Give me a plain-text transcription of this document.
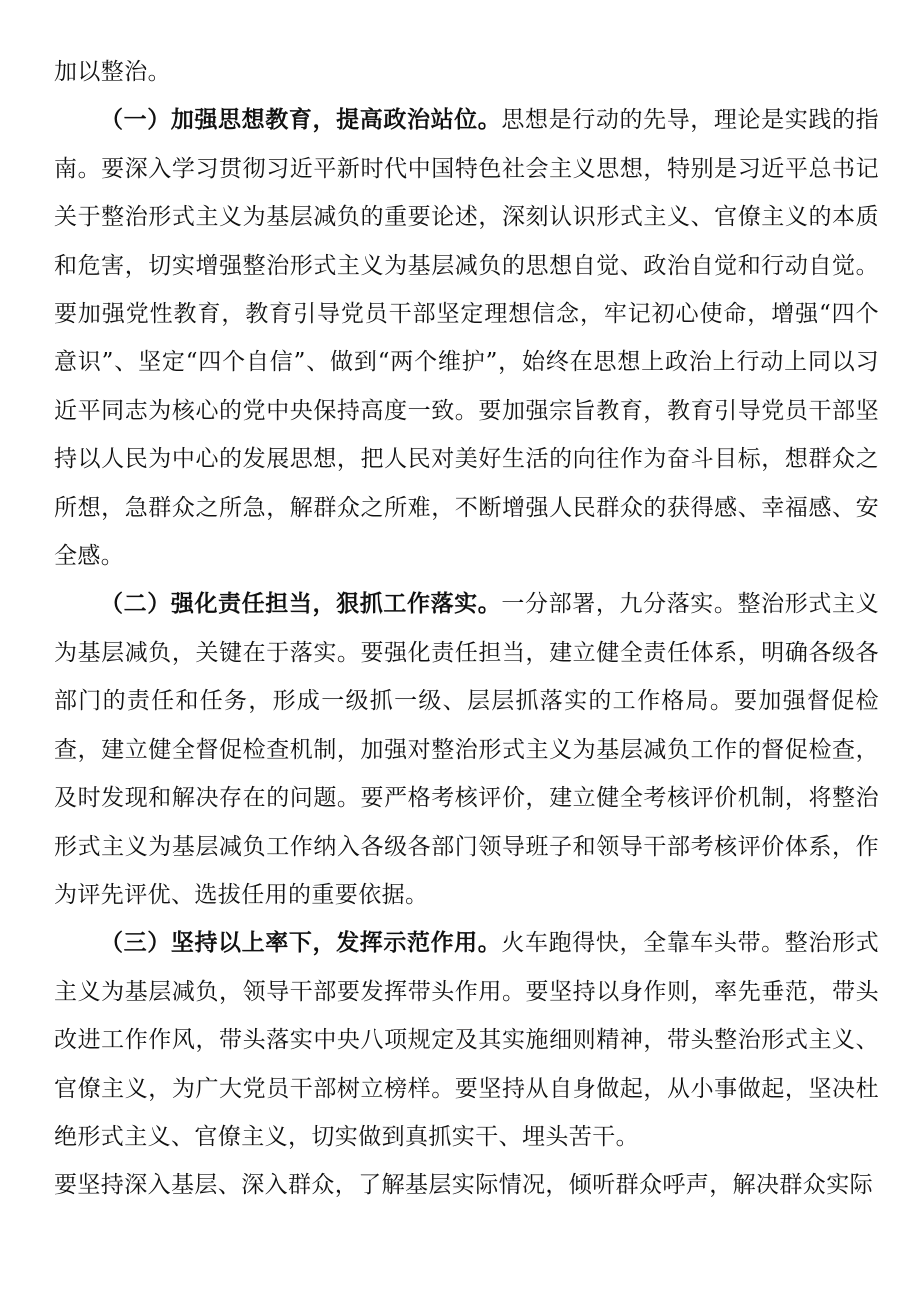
加以整治。

（一）加强思想教育，提高政治站位。思想是行动的先导，理论是实践的指南。要深入学习贯彻习近平新时代中国特色社会主义思想，特别是习近平总书记关于整治形式主义为基层减负的重要论述，深刻认识形式主义、官僚主义的本质和危害，切实增强整治形式主义为基层减负的思想自觉、政治自觉和行动自觉。要加强党性教育，教育引导党员干部坚定理想信念，牢记初心使命，增强“四个意识”、坚定“四个自信”、做到“两个维护”，始终在思想上政治上行动上同以习近平同志为核心的党中央保持高度一致。要加强宗旨教育，教育引导党员干部坚持以人民为中心的发展思想，把人民对美好生活的向往作为奋斗目标，想群众之所想，急群众之所急，解群众之所难，不断增强人民群众的获得感、幸福感、安全感。

（二）强化责任担当，狠抓工作落实。一分部署，九分落实。整治形式主义为基层减负，关键在于落实。要强化责任担当，建立健全责任体系，明确各级各部门的责任和任务，形成一级抓一级、层层抓落实的工作格局。要加强督促检查，建立健全督促检查机制，加强对整治形式主义为基层减负工作的督促检查，及时发现和解决存在的问题。要严格考核评价，建立健全考核评价机制，将整治形式主义为基层减负工作纳入各级各部门领导班子和领导干部考核评价体系，作为评先评优、选拔任用的重要依据。

（三）坚持以上率下，发挥示范作用。火车跑得快，全靠车头带。整治形式主义为基层减负，领导干部要发挥带头作用。要坚持以身作则，率先垂范，带头改进工作作风，带头落实中央八项规定及其实施细则精神，带头整治形式主义、官僚主义，为广大党员干部树立榜样。要坚持从自身做起，从小事做起，坚决杜绝形式主义、官僚主义，切实做到真抓实干、埋头苦干。

要坚持深入基层、深入群众，了解基层实际情况，倾听群众呼声，解决群众实际
